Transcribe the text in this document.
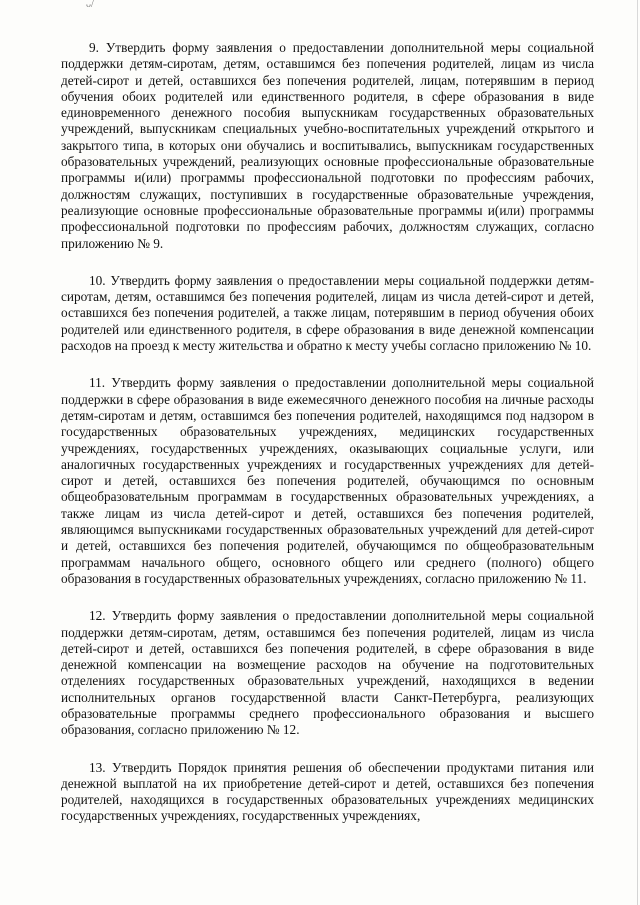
ᴗ/

9. Утвердить форму заявления о предоставлении дополнительной меры социальной поддержки детям-сиротам, детям, оставшимся без попечения родителей, лицам из числа детей-сирот и детей, оставшихся без попечения родителей, лицам, потерявшим в период обучения обоих родителей или единственного родителя, в сфере образования в виде единовременного денежного пособия выпускникам государственных образовательных учреждений, выпускникам специальных учебно-воспитательных учреждений открытого и закрытого типа, в которых они обучались и воспитывались, выпускникам государственных образовательных учреждений, реализующих основные профессиональные образовательные программы и(или) программы профессиональной подготовки по профессиям рабочих, должностям служащих, поступивших в государственные образовательные учреждения, реализующие основные профессиональные образовательные программы и(или) программы профессиональной подготовки по профессиям рабочих, должностям служащих, согласно приложению № 9.

10. Утвердить форму заявления о предоставлении меры социальной поддержки детям-сиротам, детям, оставшимся без попечения родителей, лицам из числа детей-сирот и детей, оставшихся без попечения родителей, а также лицам, потерявшим в период обучения обоих родителей или единственного родителя, в сфере образования в виде денежной компенсации расходов на проезд к месту жительства и обратно к месту учебы согласно приложению № 10.

11. Утвердить форму заявления о предоставлении дополнительной меры социальной поддержки в сфере образования в виде ежемесячного денежного пособия на личные расходы детям-сиротам и детям, оставшимся без попечения родителей, находящимся под надзором в государственных образовательных учреждениях, медицинских государственных учреждениях, государственных учреждениях, оказывающих социальные услуги, или аналогичных государственных учреждениях и государственных учреждениях для детей-сирот и детей, оставшихся без попечения родителей, обучающимся по основным общеобразовательным программам в государственных образовательных учреждениях, а также лицам из числа детей-сирот и детей, оставшихся без попечения родителей, являющимся выпускниками государственных образовательных учреждений для детей-сирот и детей, оставшихся без попечения родителей, обучающимся по общеобразовательным программам начального общего, основного общего или среднего (полного) общего образования в государственных образовательных учреждениях, согласно приложению № 11.

12. Утвердить форму заявления о предоставлении дополнительной меры социальной поддержки детям-сиротам, детям, оставшимся без попечения родителей, лицам из числа детей-сирот и детей, оставшихся без попечения родителей, в сфере образования в виде денежной компенсации на возмещение расходов на обучение на подготовительных отделениях государственных образовательных учреждений, находящихся в ведении исполнительных органов государственной власти Санкт-Петербурга, реализующих образовательные программы среднего профессионального образования и высшего образования, согласно приложению № 12.

13. Утвердить Порядок принятия решения об обеспечении продуктами питания или денежной выплатой на их приобретение детей-сирот и детей, оставшихся без попечения родителей, находящихся в государственных образовательных учреждениях медицинских государственных учреждениях, государственных учреждениях,
